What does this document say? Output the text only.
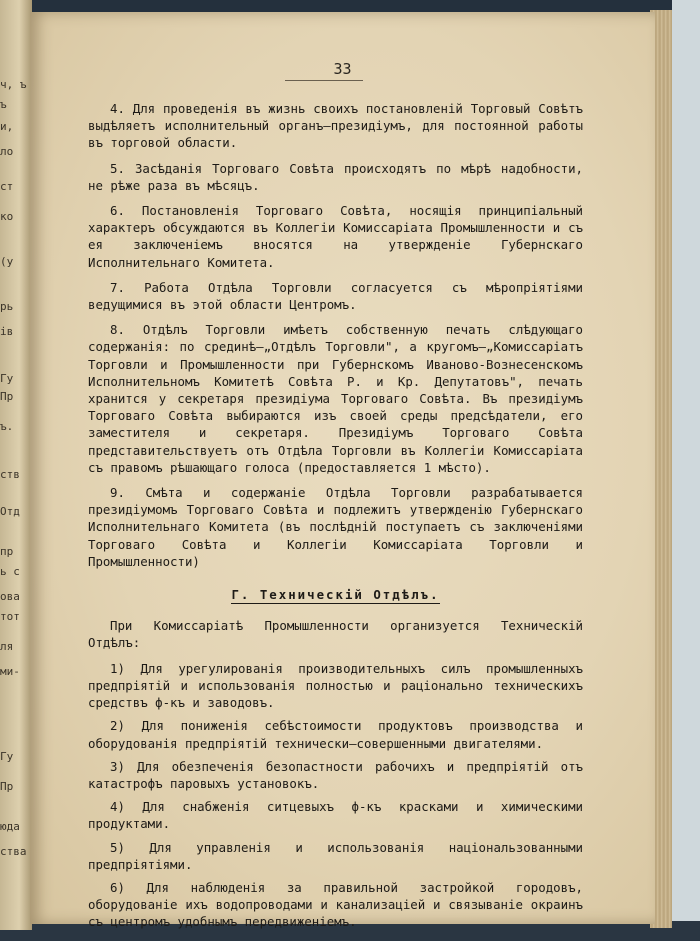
ч, ъ
ъ
и,
ло
ст
ко
(у
рь
ів
Гу
Пр
ъ.
ств
Отд
пр
ь с
ова
тот
ля
ми-
Гу
Пр
юда
ства
33

4. Для проведенія въ жизнь своихъ постановленій Торговый Совѣтъ выдѣляетъ исполнительный органъ—президіумъ, для постоянной работы въ торговой области.

5. Засѣданія Торговаго Совѣта происходятъ по мѣрѣ надобности, не рѣже раза въ мѣсяцъ.

6. Постановленія Торговаго Совѣта, носящія принципіальный характеръ обсуждаются въ Коллегіи Комиссаріата Промышленности и съ ея заключеніемъ вносятся на утвержденіе Губернскаго Исполнительнаго Комитета.

7. Работа Отдѣла Торговли согласуется съ мѣропріятіями ведущимися въ этой области Центромъ.

8. Отдѣлъ Торговли имѣетъ собственную печать слѣдующаго содержанія: по срединѣ—„Отдѣлъ Торговли", а кругомъ—„Комиссаріатъ Торговли и Промышленности при Губернскомъ Иваново-Вознесенскомъ Исполнительномъ Комитетѣ Совѣта Р. и Кр. Депутатовъ", печать хранится у секретаря президіума Торговаго Совѣта. Въ президіумъ Торговаго Совѣта выбираются изъ своей среды предсѣдатели, его заместителя и секретаря. Президіумъ Торговаго Совѣта представительствуетъ отъ Отдѣла Торговли въ Коллегіи Комиссаріата съ правомъ рѣшающаго голоса (предоставляется 1 мѣсто).

9. Смѣта и содержаніе Отдѣла Торговли разрабатывается президіумомъ Торговаго Совѣта и подлежитъ утвержденію Губернскаго Исполнительнаго Комитета (въ послѣдній поступаетъ съ заключеніями Торговаго Совѣта и Коллегіи Комиссаріата Торговли и Промышленности)

Г. Техническій Отдѣлъ.

При Комиссаріатѣ Промышленности организуется Техническій Отдѣлъ:

1) Для урегулированія производительныхъ силъ промышленныхъ предпріятій и использованія полностью и раціонально техническихъ средствъ ф-къ и заводовъ.

2) Для пониженія себѣстоимости продуктовъ производства и оборудованія предпріятій технически—совершенными двигателями.

3) Для обезпеченія безопастности рабочихъ и предпріятій отъ катастрофъ паровыхъ установокъ.

4) Для снабженія ситцевыхъ ф-къ красками и химическими продуктами.

5) Для управленія и использованія національзованными предпріятіями.

6) Для наблюденія за правильной застройкой городовъ, оборудованіе ихъ водопроводами и канализаціей и связываніе окраинъ съ центромъ удобнымъ передвиженіемъ.
